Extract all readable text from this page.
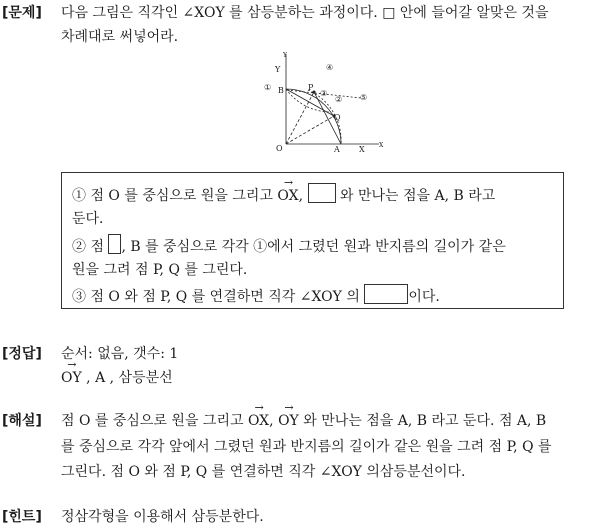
[문제] 다음 그림은 직각인 ∠XOY 를 삼등분하는 과정이다. □ 안에 들어갈 알맞은 것을
차례대로 써넣어라.
O	A X
Y
B	P
Q
Y
X
①
②
③
④
⑤
① 점 O 를 중심으로 원을 그리고 → OX,	와 만나는 점을 A, B 라고
둔다.
② 점 , B 를 중심으로 각각 ①에서 그렸던 원과 반지름의 길이가 같은
원을 그려 점 P, Q 를 그린다.
③ 점 O 와 점 P, Q 를 연결하면 직각 ∠XOY 의	이다.
[정답] 순서: 없음, 갯수: 1
→ OY , A , 삼등분선
[해설] 점 O 를 중심으로 원을 그리고 → OX, → OY 와 만나는 점을 A, B 라고 둔다. 점 A, B
를 중심으로 각각 앞에서 그렸던 원과 반지름의 길이가 같은 원을 그려 점 P, Q 를
그린다. 점 O 와 점 P, Q 를 연결하면 직각 ∠XOY 의삼등분선이다.
[힌트] 정삼각형을 이용해서 삼등분한다.
